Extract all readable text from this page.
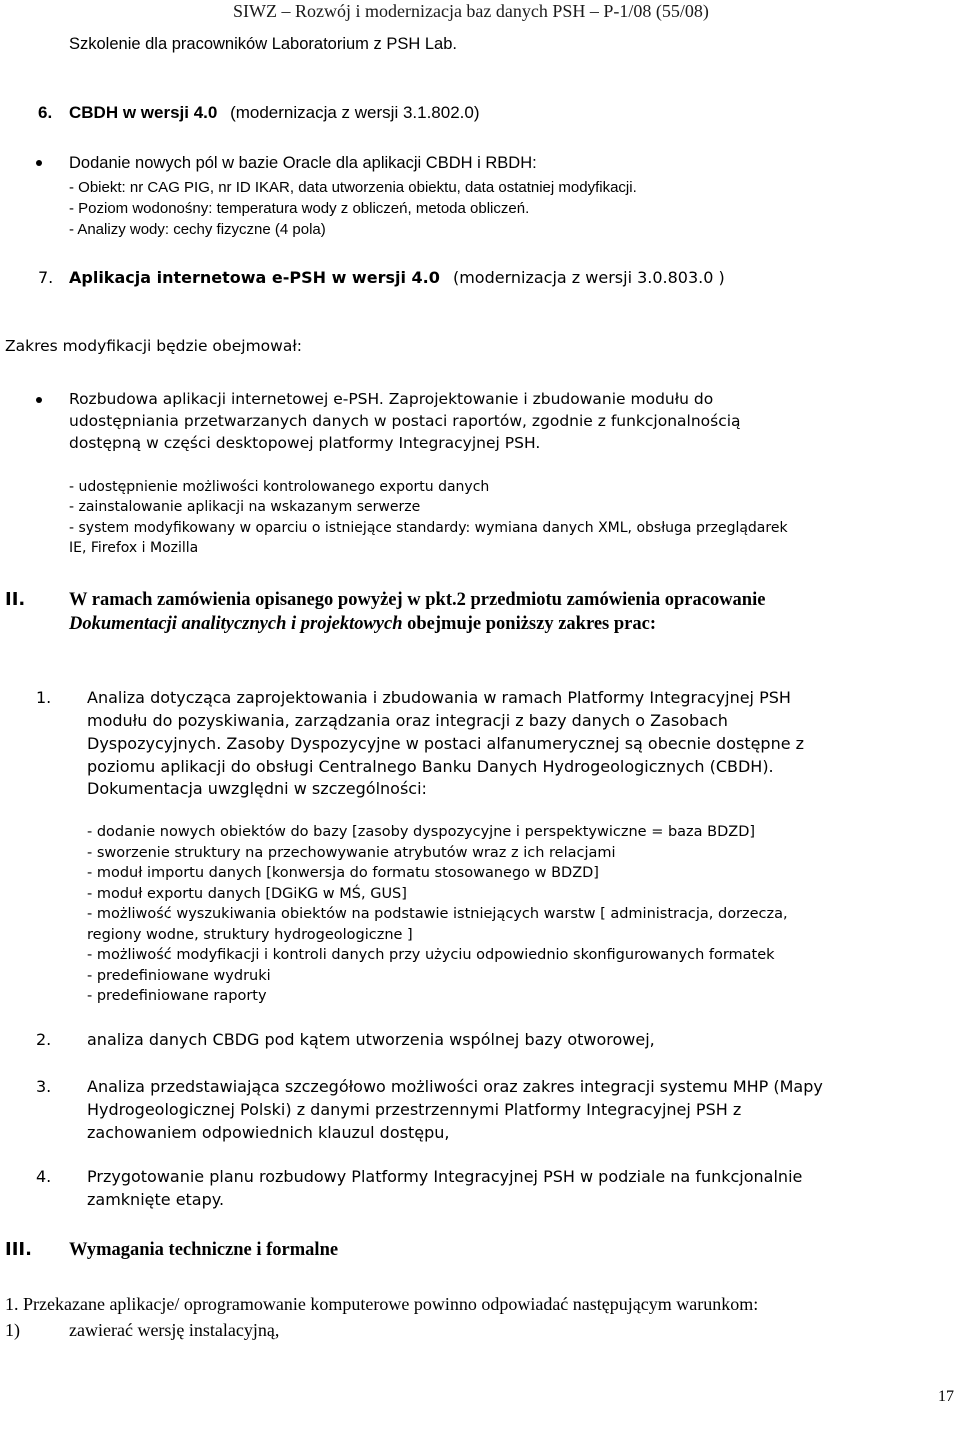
SIWZ – Rozwój i modernizacja baz danych PSH – P-1/08 (55/08)
Szkolenie dla pracowników Laboratorium z PSH Lab.
6. CBDH w wersji 4.0 (modernizacja z wersji 3.1.802.0)
Dodanie nowych pól w bazie Oracle dla aplikacji CBDH i RBDH:
- Obiekt: nr CAG PIG, nr ID IKAR, data utworzenia obiektu, data ostatniej modyfikacji.
- Poziom wodonośny: temperatura wody z obliczeń, metoda obliczeń.
- Analizy wody: cechy fizyczne (4 pola)
7. Aplikacja internetowa e-PSH w wersji 4.0 (modernizacja z wersji 3.0.803.0 )
Zakres modyfikacji będzie obejmował:
Rozbudowa aplikacji internetowej e-PSH. Zaprojektowanie i zbudowanie modułu do
udostępniania przetwarzanych danych w postaci raportów, zgodnie z funkcjonalnością
dostępną w części desktopowej platformy Integracyjnej PSH.
- udostępnienie możliwości kontrolowanego exportu danych
- zainstalowanie aplikacji na wskazanym serwerze
- system modyfikowany w oparciu o istniejące standardy: wymiana danych XML, obsługa przeglądarek
IE, Firefox i Mozilla
II. W ramach zamówienia opisanego powyżej w pkt.2 przedmiotu zamówienia opracowanie
Dokumentacji analitycznych i projektowych obejmuje poniższy zakres prac:
1. Analiza dotycząca zaprojektowania i zbudowania w ramach Platformy Integracyjnej PSH
modułu do pozyskiwania, zarządzania oraz integracji z bazy danych o Zasobach
Dyspozycyjnych. Zasoby Dyspozycyjne w postaci alfanumerycznej są obecnie dostępne z
poziomu aplikacji do obsługi Centralnego Banku Danych Hydrogeologicznych (CBDH).
Dokumentacja uwzględni w szczególności:
- dodanie nowych obiektów do bazy [zasoby dyspozycyjne i perspektywiczne = baza BDZD]
- sworzenie struktury na przechowywanie atrybutów wraz z ich relacjami
- moduł importu danych [konwersja do formatu stosowanego w BDZD]
- moduł exportu danych [DGiKG w MŚ, GUS]
- możliwość wyszukiwania obiektów na podstawie istniejących warstw [ administracja, dorzecza,
regiony wodne, struktury hydrogeologiczne ]
- możliwość modyfikacji i kontroli danych przy użyciu odpowiednio skonfigurowanych formatek
- predefiniowane wydruki
- predefiniowane raporty
2. analiza danych CBDG pod kątem utworzenia wspólnej bazy otworowej,
3. Analiza przedstawiająca szczegółowo możliwości oraz zakres integracji systemu MHP (Mapy
Hydrogeologicznej Polski) z danymi przestrzennymi Platformy Integracyjnej PSH z
zachowaniem odpowiednich klauzul dostępu,
4. Przygotowanie planu rozbudowy Platformy Integracyjnej PSH w podziale na funkcjonalnie
zamknięte etapy.
III. Wymagania techniczne i formalne
1. Przekazane aplikacje/ oprogramowanie komputerowe powinno odpowiadać następującym warunkom:
1)	zawierać wersję instalacyjną,
17
